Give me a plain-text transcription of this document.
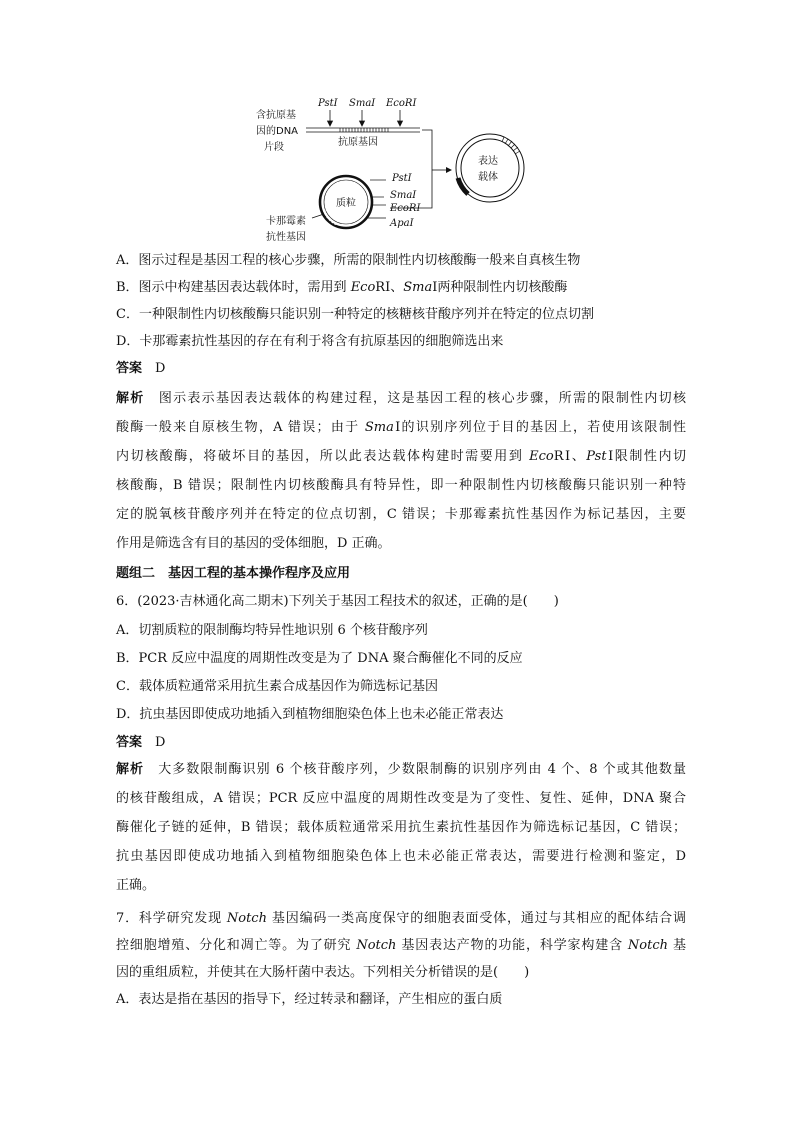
含抗原基
因的DNA
片段
PstⅠ SmaⅠ EcoRⅠ
抗原基因
质粒
PstⅠ
SmaⅠ
EcoRⅠ
ApaⅠ
卡那霉素
抗性基因
表达
载体
A．图示过程是基因工程的核心步骤，所需的限制性内切核酸酶一般来自真核生物
B．图示中构建基因表达载体时，需用到 EcoRⅠ、SmaⅠ两种限制性内切核酸酶
C．一种限制性内切核酸酶只能识别一种特定的核糖核苷酸序列并在特定的位点切割
D．卡那霉素抗性基因的存在有利于将含有抗原基因的细胞筛选出来
答案　 D
解析　 图示表示基因表达载体的构建过程，这是基因工程的核心步骤，所需的限制性内切核
酸酶一般来自原核生物，A 错误；由于 SmaⅠ的识别序列位于目的基因上，若使用该限制性
内切核酸酶，将破坏目的基因，所以此表达载体构建时需要用到 EcoRⅠ、PstⅠ限制性内切
核酸酶，B 错误；限制性内切核酸酶具有特异性，即一种限制性内切核酸酶只能识别一种特
定的脱氧核苷酸序列并在特定的位点切割，C 错误；卡那霉素抗性基因作为标记基因，主要
作用是筛选含有目的基因的受体细胞，D 正确。
题组二　 基因工程的基本操作程序及应用
6．(2023·吉林通化高二期末)下列关于基因工程技术的叙述，正确的是(　　)
A．切割质粒的限制酶均特异性地识别 6 个核苷酸序列
B．PCR 反应中温度的周期性改变是为了 DNA 聚合酶催化不同的反应
C．载体质粒通常采用抗生素合成基因作为筛选标记基因
D．抗虫基因即使成功地插入到植物细胞染色体上也未必能正常表达
答案　 D
解析　 大多数限制酶识别 6 个核苷酸序列，少数限制酶的识别序列由 4 个、8 个或其他数量
的核苷酸组成，A 错误；PCR 反应中温度的周期性改变是为了变性、复性、延伸，DNA 聚合
酶催化子链的延伸，B 错误；载体质粒通常采用抗生素抗性基因作为筛选标记基因，C 错误；
抗虫基因即使成功地插入到植物细胞染色体上也未必能正常表达，需要进行检测和鉴定，D
正确。
7．科学研究发现 Notch 基因编码一类高度保守的细胞表面受体，通过与其相应的配体结合调
控细胞增殖、分化和凋亡等。为了研究 Notch 基因表达产物的功能，科学家构建含 Notch 基
因的重组质粒，并使其在大肠杆菌中表达。下列相关分析错误的是(　　)
A．表达是指在基因的指导下，经过转录和翻译，产生相应的蛋白质
